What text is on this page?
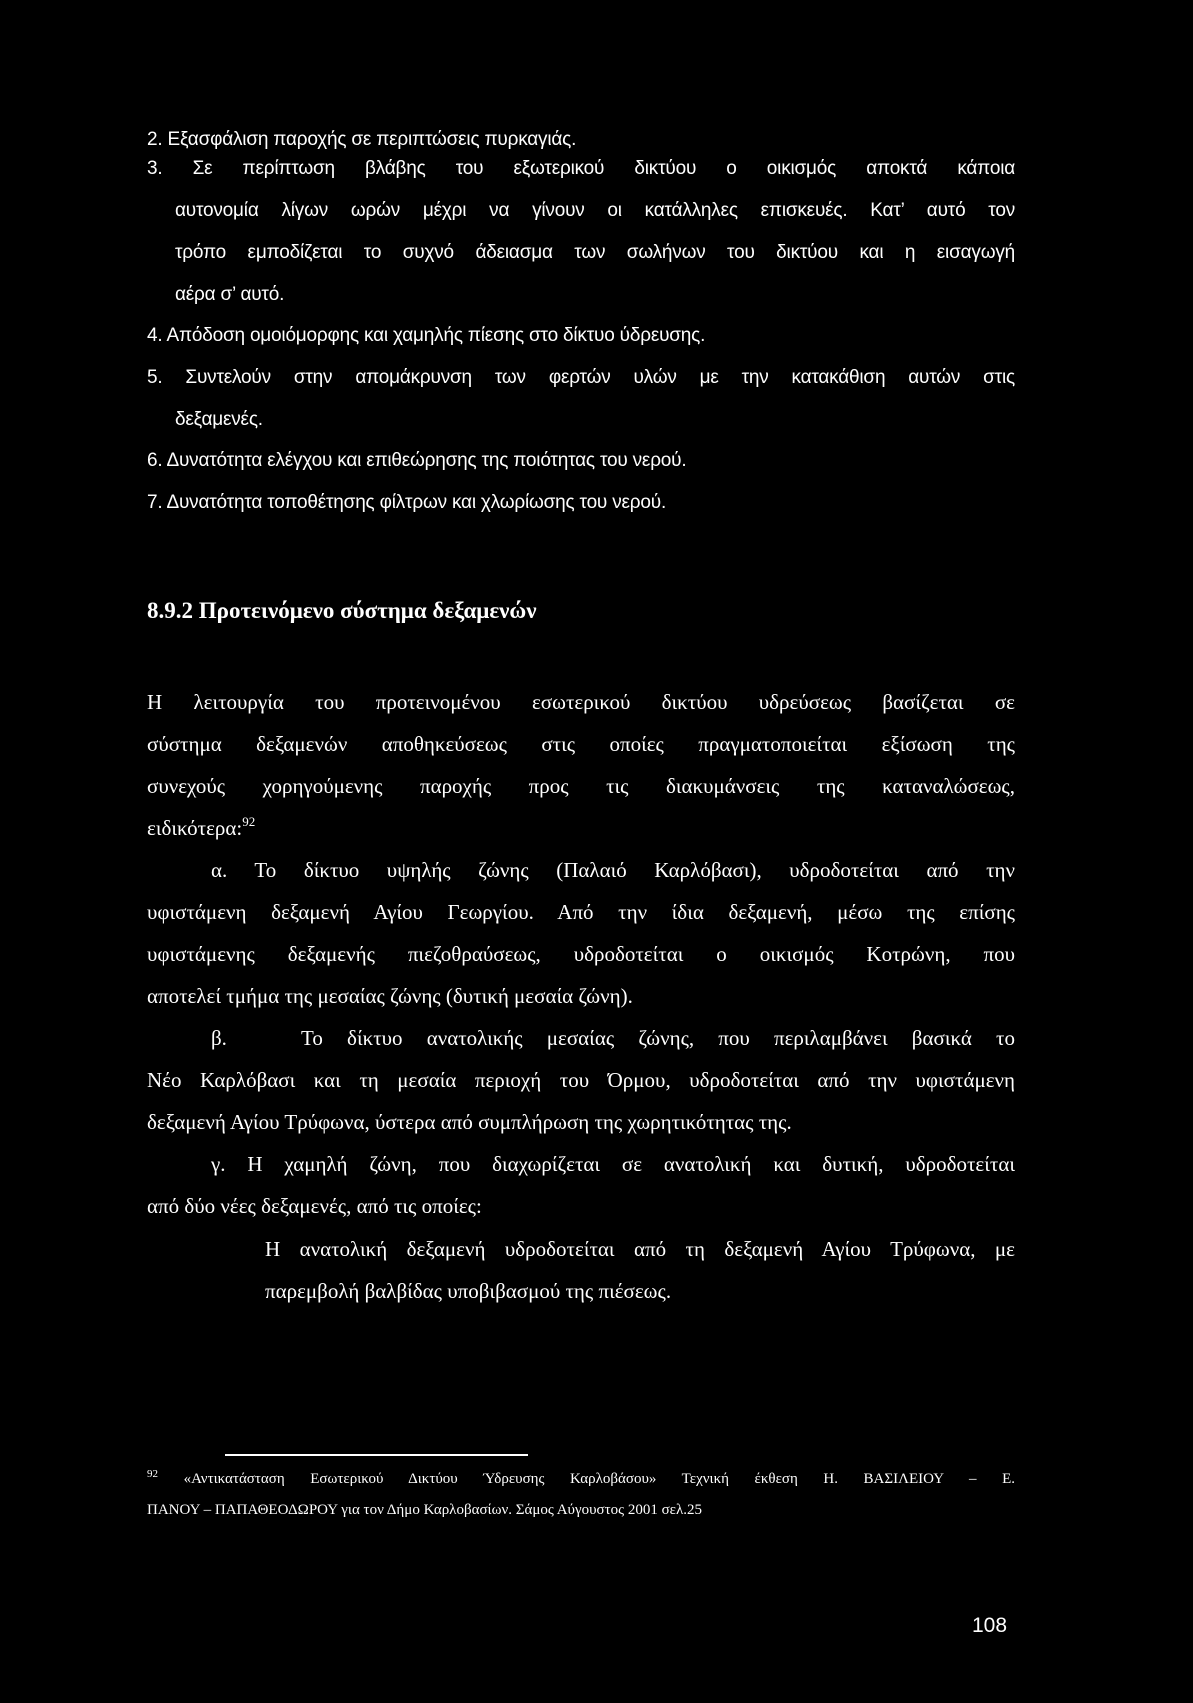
2. Εξασφάλιση παροχής σε περιπτώσεις πυρκαγιάς.
3. Σε περίπτωση βλάβης του εξωτερικού δικτύου ο οικισμός αποκτά κάποια
αυτονομία λίγων ωρών μέχρι να γίνουν οι κατάλληλες επισκευές. Κατ’ αυτό τον
τρόπο εμποδίζεται το συχνό άδειασμα των σωλήνων του δικτύου και η εισαγωγή
αέρα σ’ αυτό.
4. Απόδοση ομοιόμορφης και χαμηλής πίεσης στο δίκτυο ύδρευσης.
5. Συντελούν στην απομάκρυνση των φερτών υλών με την κατακάθιση αυτών στις
δεξαμενές.
6. Δυνατότητα ελέγχου και επιθεώρησης της ποιότητας του νερού.
7. Δυνατότητα τοποθέτησης φίλτρων και χλωρίωσης του νερού.
8.9.2 Προτεινόμενο σύστημα δεξαμενών
Η λειτουργία του προτεινομένου εσωτερικού δικτύου υδρεύσεως βασίζεται σε
σύστημα δεξαμενών αποθηκεύσεως στις οποίες πραγματοποιείται εξίσωση της
συνεχούς χορηγούμενης παροχής προς τις διακυμάνσεις της καταναλώσεως,
ειδικότερα:$^{92}$
α. Το δίκτυο υψηλής ζώνης (Παλαιό Καρλόβασι), υδροδοτείται από την
υφιστάμενη δεξαμενή Αγίου Γεωργίου. Από την ίδια δεξαμενή, μέσω της επίσης
υφιστάμενης δεξαμενής πιεζοθραύσεως, υδροδοτείται ο οικισμός Κοτρώνη, που
αποτελεί τμήμα της μεσαίας ζώνης (δυτική μεσαία ζώνη).
β.	Το δίκτυο ανατολικής μεσαίας ζώνης, που περιλαμβάνει βασικά το
Νέο Καρλόβασι και τη μεσαία περιοχή του Όρμου, υδροδοτείται από την υφιστάμενη
δεξαμενή Αγίου Τρύφωνα, ύστερα από συμπλήρωση της χωρητικότητας της.
γ. Η χαμηλή ζώνη, που διαχωρίζεται σε ανατολική και δυτική, υδροδοτείται
από δύο νέες δεξαμενές, από τις οποίες:
Η ανατολική δεξαμενή υδροδοτείται από τη δεξαμενή Αγίου Τρύφωνα, με
παρεμβολή βαλβίδας υποβιβασμού της πιέσεως.
$^{92}$ «Αντικατάσταση Εσωτερικού Δικτύου Ύδρευσης Καρλοβάσου» Τεχνική έκθεση Η. ΒΑΣΙΛΕΙΟΥ – Ε.
ΠΑΝΟΥ – ΠΑΠΑΘΕΟΔΩΡΟΥ για τον Δήμο Καρλοβασίων. Σάμος Αύγουστος 2001 σελ.25
108
